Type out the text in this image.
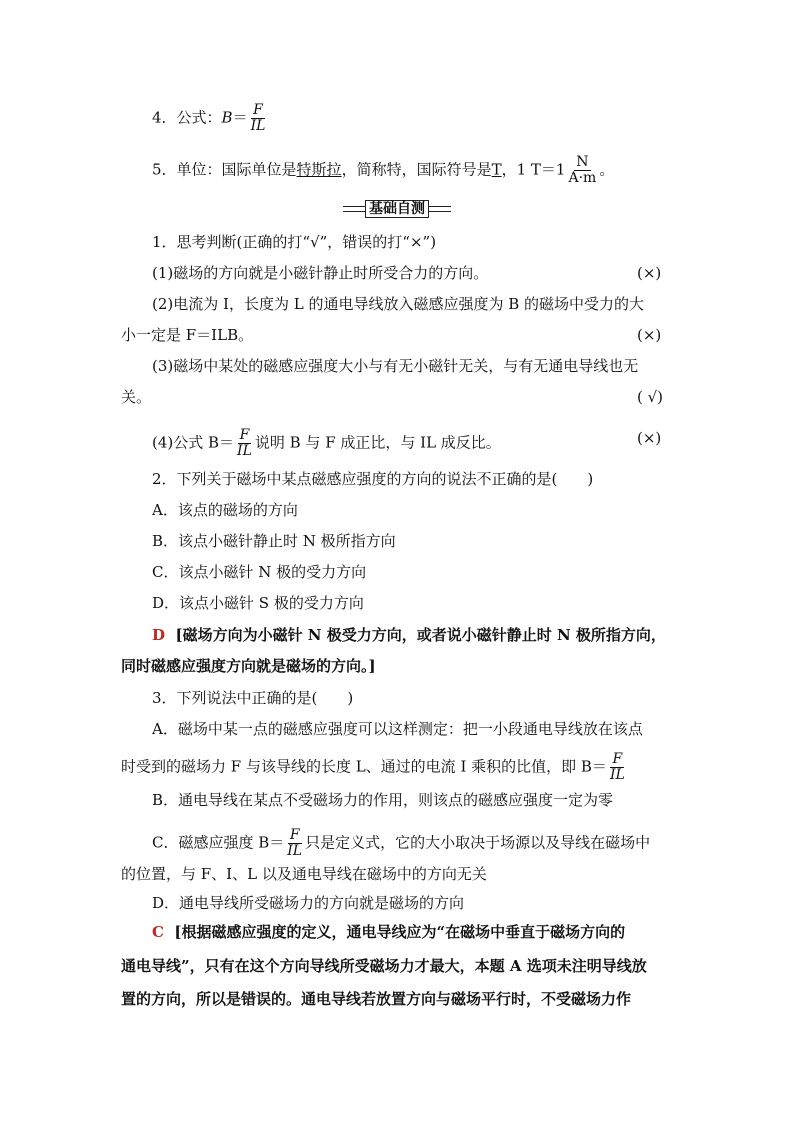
4．公式：$B= \frac{F}{IL}$
5．单位：国际单位是特斯拉，简称特，国际符号是T，1 $T=1 \frac{N}{A\cdot m}$ 。
基础自测
1．思考判断(正确的打“√”，错误的打“×”)
(1)磁场的方向就是小磁针静止时所受合力的方向。	(×)
(2)电流为 I，长度为 L 的通电导线放入磁感应强度为 B 的磁场中受力的大
小一定是 F＝ILB。	(×)
(3)磁场中某处的磁感应强度大小与有无小磁针无关，与有无通电导线也无
关。	( √)
(4)公式 $B= \frac{F}{IL}$ 说明 B 与 F 成正比，与 IL 成反比。	(×)
2．下列关于磁场中某点磁感应强度的方向的说法不正确的是(　　)
A．该点的磁场的方向
B．该点小磁针静止时 N 极所指方向
C．该点小磁针 N 极的受力方向
D．该点小磁针 S 极的受力方向
D [磁场方向为小磁针 N 极受力方向，或者说小磁针静止时 N 极所指方向，
同时磁感应强度方向就是磁场的方向。]
3．下列说法中正确的是(　　)
A．磁场中某一点的磁感应强度可以这样测定：把一小段通电导线放在该点
时受到的磁场力 F 与该导线的长度 L、通过的电流 I 乘积的比值，即 $B= \frac{F}{IL}$
B．通电导线在某点不受磁场力的作用，则该点的磁感应强度一定为零
C．磁感应强度 $B= \frac{F}{IL}$ 只是定义式，它的大小取决于场源以及导线在磁场中
的位置，与 F、I、L 以及通电导线在磁场中的方向无关
D．通电导线所受磁场力的方向就是磁场的方向
C [根据磁感应强度的定义，通电导线应为“在磁场中垂直于磁场方向的
通电导线”，只有在这个方向导线所受磁场力才最大，本题 A 选项未注明导线放
置的方向，所以是错误的。通电导线若放置方向与磁场平行时，不受磁场力作
